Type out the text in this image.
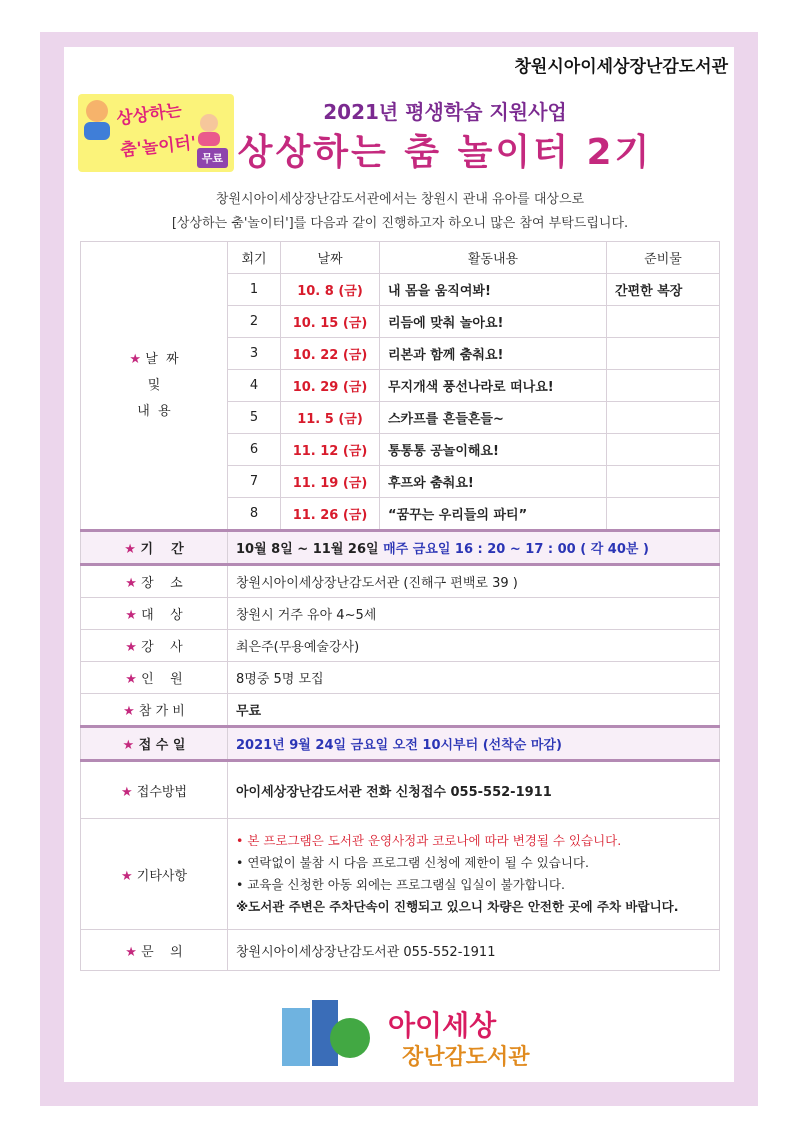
창원시아이세상장난감도서관
상상하는
춤'놀이터' 무료
2021년 평생학습 지원사업
상상하는 춤 놀이터 2기
창원시아이세상장난감도서관에서는 창원시 관내 유아를 대상으로
[상상하는 춤'놀이터']를 다음과 같이 진행하고자 하오니 많은 참여 부탁드립니다.
★ 날  짜
및
내  용	회기	날짜	활동내용	준비물
	1	10. 8 (금)	내 몸을 움직여봐!	간편한 복장
	2	10. 15 (금)	리듬에 맞춰 놀아요!	
	3	10. 22 (금)	리본과 함께 춤춰요!	
	4	10. 29 (금)	무지개색 풍선나라로 떠나요!	
	5	11. 5 (금)	스카프를 흔들흔들~	
	6	11. 12 (금)	통통통 공놀이해요!	
	7	11. 19 (금)	후프와 춤춰요!	
	8	11. 26 (금)	“꿈꾸는 우리들의 파티”	
★ 기    간	10월 8일 ~ 11월 26일 매주 금요일 16 : 20 ~ 17 : 00 ( 각 40분 )			
★ 장    소	창원시아이세상장난감도서관 (진해구 편백로 39 )			
★ 대    상	창원시 거주 유아 4~5세			
★ 강    사	최은주(무용예술강사)			
★ 인    원	8명중 5명 모집			
★ 참 가 비	무료			
★ 접 수 일	2021년 9월 24일 금요일 오전 10시부터 (선착순 마감)			
★ 접수방법	아이세상장난감도서관 전화 신청접수 055-552-1911			
★ 기타사항	• 본 프로그램은 도서관 운영사정과 코로나에 따라 변경될 수 있습니다.
• 연락없이 불참 시 다음 프로그램 신청에 제한이 될 수 있습니다.
• 교육을 신청한 아동 외에는 프로그램실 입실이 불가합니다.
※도서관 주변은 주차단속이 진행되고 있으니 차량은 안전한 곳에 주차 바랍니다.			

★ 문    의	창원시아이세상장난감도서관 055-552-1911			
아이세상
장난감도서관
